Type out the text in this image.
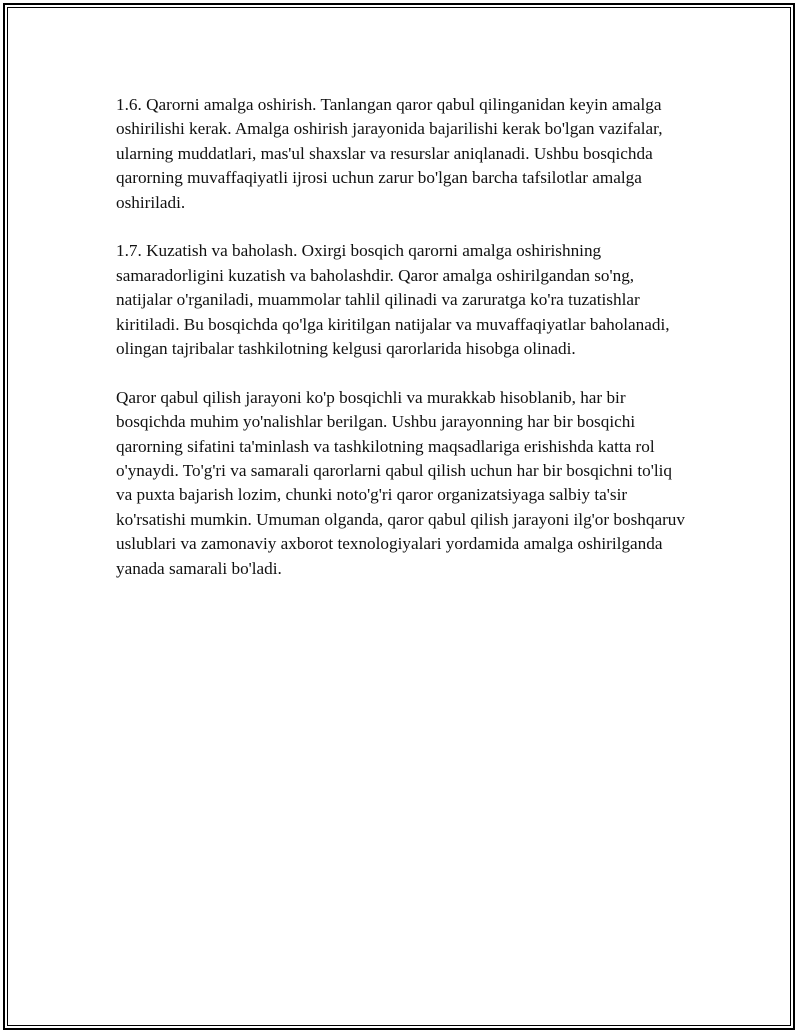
1.6. Qarorni amalga oshirish. Tanlangan qaror qabul qilinganidan keyin amalga oshirilishi kerak. Amalga oshirish jarayonida bajarilishi kerak bo'lgan vazifalar, ularning muddatlari, mas'ul shaxslar va resurslar aniqlanadi. Ushbu bosqichda qarorning muvaffaqiyatli ijrosi uchun zarur bo'lgan barcha tafsilotlar amalga oshiriladi.

1.7. Kuzatish va baholash. Oxirgi bosqich qarorni amalga oshirishning samaradorligini kuzatish va baholashdir. Qaror amalga oshirilgandan so'ng, natijalar o'rganiladi, muammolar tahlil qilinadi va zaruratga ko'ra tuzatishlar kiritiladi. Bu bosqichda qo'lga kiritilgan natijalar va muvaffaqiyatlar baholanadi, olingan tajribalar tashkilotning kelgusi qarorlarida hisobga olinadi.

Qaror qabul qilish jarayoni ko'p bosqichli va murakkab hisoblanib, har bir bosqichda muhim yo'nalishlar berilgan. Ushbu jarayonning har bir bosqichi qarorning sifatini ta'minlash va tashkilotning maqsadlariga erishishda katta rol o'ynaydi. To'g'ri va samarali qarorlarni qabul qilish uchun har bir bosqichni to'liq va puxta bajarish lozim, chunki noto'g'ri qaror organizatsiyaga salbiy ta'sir ko'rsatishi mumkin. Umuman olganda, qaror qabul qilish jarayoni ilg'or boshqaruv uslublari va zamonaviy axborot texnologiyalari yordamida amalga oshirilganda yanada samarali bo'ladi.
